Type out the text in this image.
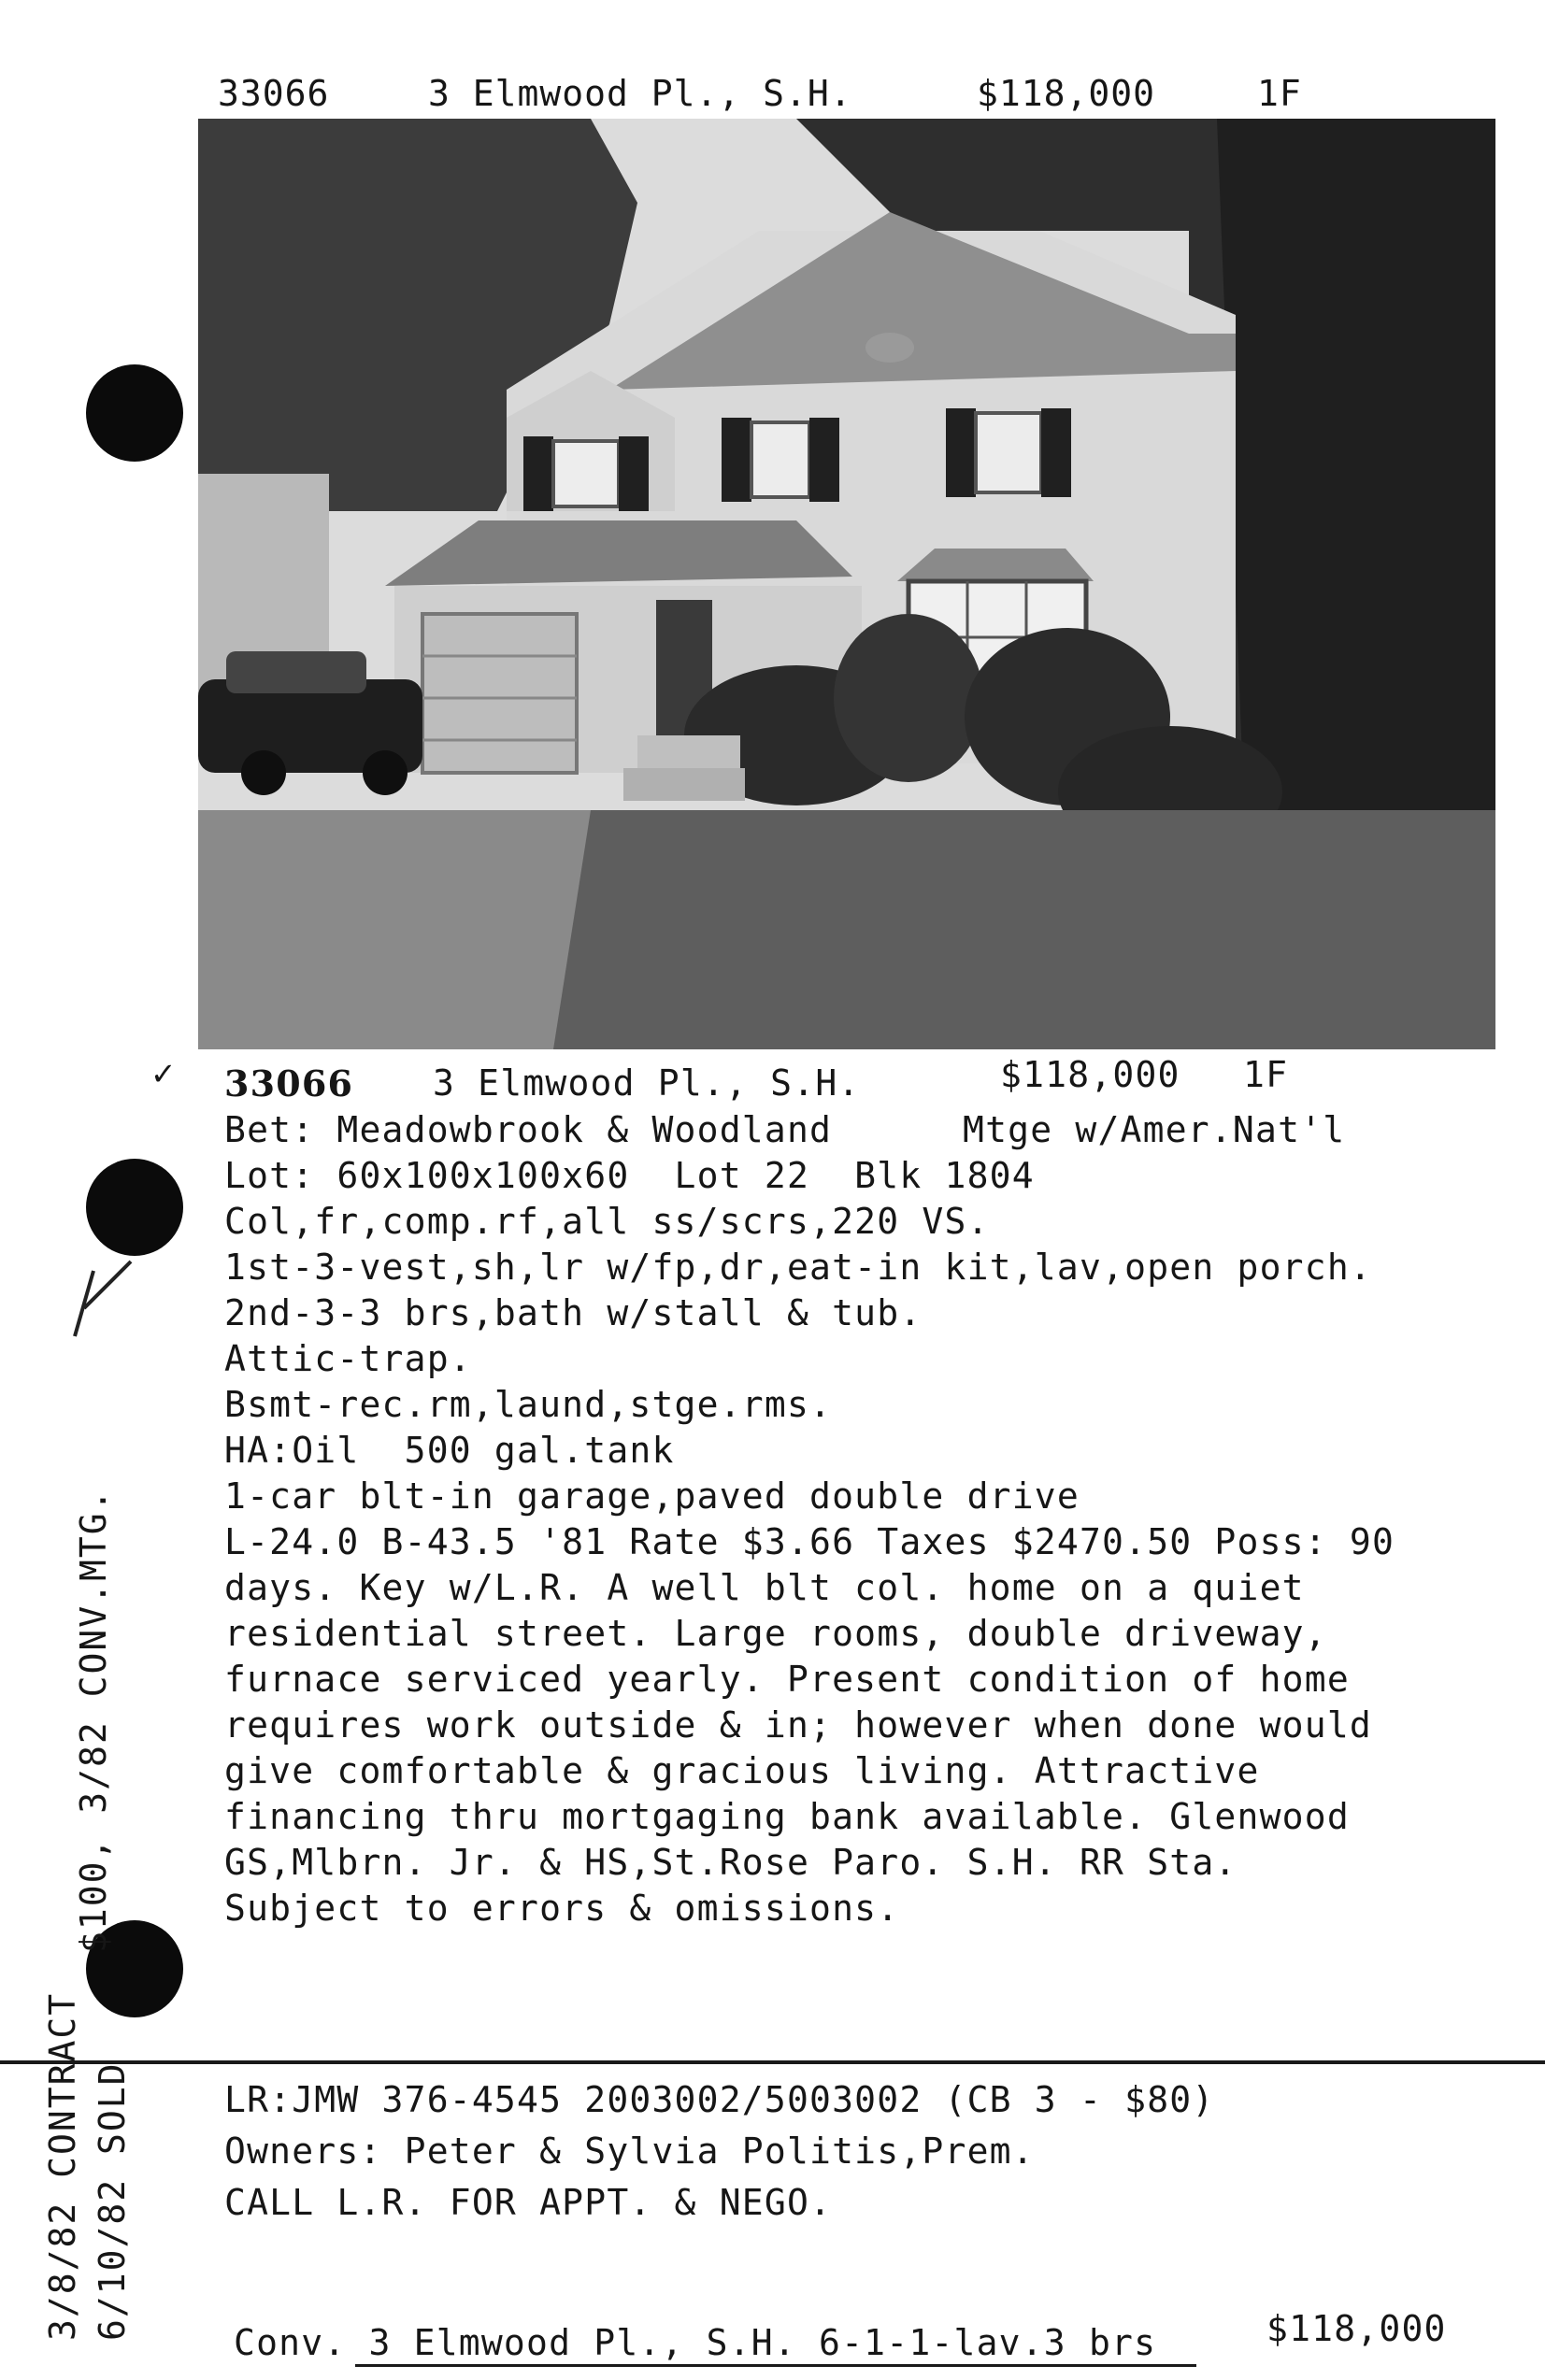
33066	3 Elmwood Pl., S.H.	$118,000	1F
✓ 33066 3 Elmwood Pl., S.H.	$118,000 1F
Bet: Meadowbrook & Woodland	Mtge w/Amer.Nat'l
Lot: 60x100x100x60  Lot 22  Blk 1804
Col,fr,comp.rf,all ss/scrs,220 VS.
1st-3-vest,sh,lr w/fp,dr,eat-in kit,lav,open porch.
2nd-3-3 brs,bath w/stall & tub.
Attic-trap.
Bsmt-rec.rm,laund,stge.rms.
HA:Oil  500 gal.tank
1-car blt-in garage,paved double drive
L-24.0 B-43.5 '81 Rate $3.66 Taxes $2470.50 Poss: 90
days. Key w/L.R. A well blt col. home on a quiet
residential street. Large rooms, double driveway,
furnace serviced yearly. Present condition of home
requires work outside & in; however when done would
give comfortable & gracious living. Attractive
financing thru mortgaging bank available. Glenwood
GS,Mlbrn. Jr. & HS,St.Rose Paro. S.H. RR Sta.
Subject to errors & omissions.
LR:JMW 376-4545 2003002/5003002 (CB 3 - $80)
Owners: Peter & Sylvia Politis,Prem.
CALL L.R. FOR APPT. & NEGO.
Conv. 3 Elmwood Pl., S.H. 6-1-1-lav.3 brs	$118,000
$100, 3/82 CONV.MTG.
3/8/82 CONTRACT 6/10/82 SOLD
